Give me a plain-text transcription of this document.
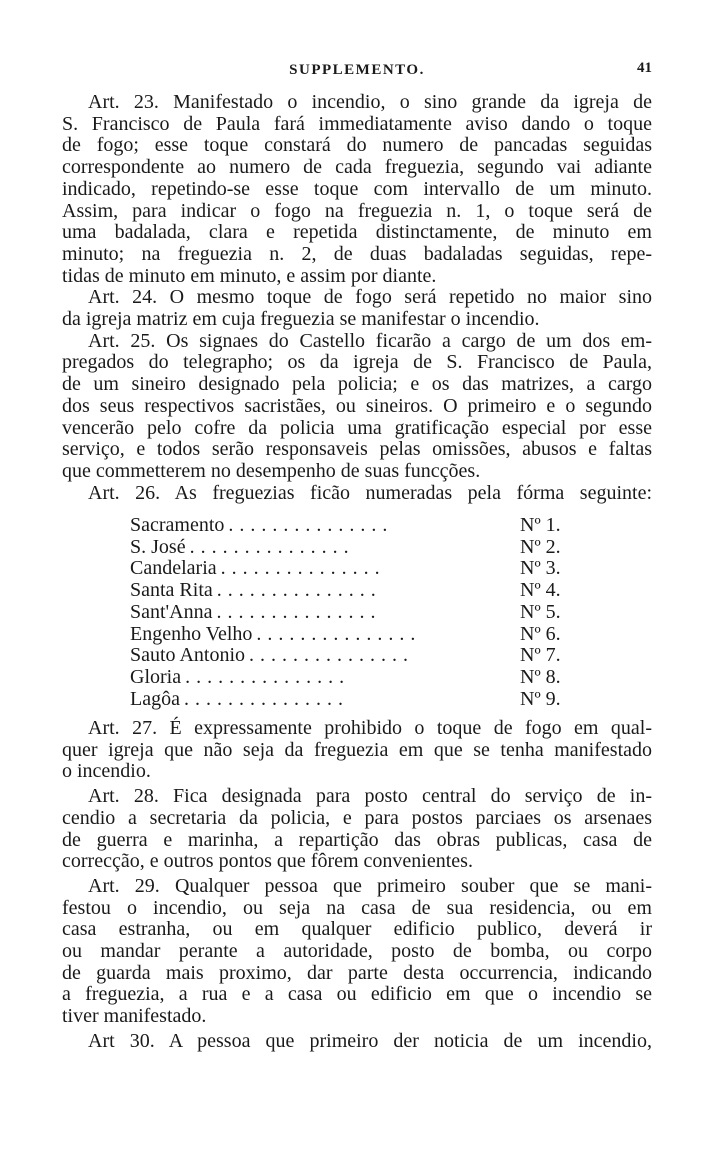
SUPPLEMENTO.	41
Art. 23. Manifestado o incendio, o sino grande da igreja de
S. Francisco de Paula fará immediatamente aviso dando o toque
de fogo; esse toque constará do numero de pancadas seguidas
correspondente ao numero de cada freguezia, segundo vai adiante
indicado, repetindo-se esse toque com intervallo de um minuto.
Assim, para indicar o fogo na freguezia n. 1, o toque será de
uma badalada, clara e repetida distinctamente, de minuto em
minuto; na freguezia n. 2, de duas badaladas seguidas, repe-
tidas de minuto em minuto, e assim por diante.
Art. 24. O mesmo toque de fogo será repetido no maior sino
da igreja matriz em cuja freguezia se manifestar o incendio.
Art. 25. Os signaes do Castello ficarão a cargo de um dos em-
pregados do telegrapho; os da igreja de S. Francisco de Paula,
de um sineiro designado pela policia; e os das matrizes, a cargo
dos seus respectivos sacristães, ou sineiros. O primeiro e o segundo
vencerão pelo cofre da policia uma gratificação especial por esse
serviço, e todos serão responsaveis pelas omissões, abusos e faltas
que commetterem no desempenho de suas funcções.
Art. 26. As freguezias ficão numeradas pela fórma seguinte:
Sacramento ...............	Nº 1.
S. José ...............	Nº 2.
Candelaria ...............	Nº 3.
Santa Rita ...............	Nº 4.
Sant'Anna ...............	Nº 5.
Engenho Velho ...............	Nº 6.
Sauto Antonio ...............	Nº 7.
Gloria ...............	Nº 8.
Lagôa ...............	Nº 9.
Art. 27. É expressamente prohibido o toque de fogo em qual-
quer igreja que não seja da freguezia em que se tenha manifestado
o incendio.
Art. 28. Fica designada para posto central do serviço de in-
cendio a secretaria da policia, e para postos parciaes os arsenaes
de guerra e marinha, a repartição das obras publicas, casa de
correcção, e outros pontos que fôrem convenientes.
Art. 29. Qualquer pessoa que primeiro souber que se mani-
festou o incendio, ou seja na casa de sua residencia, ou em
casa estranha, ou em qualquer edificio publico, deverá ir
ou mandar perante a autoridade, posto de bomba, ou corpo
de guarda mais proximo, dar parte desta occurrencia, indicando
a freguezia, a rua e a casa ou edificio em que o incendio se
tiver manifestado.
Art 30. A pessoa que primeiro der noticia de um incendio,
